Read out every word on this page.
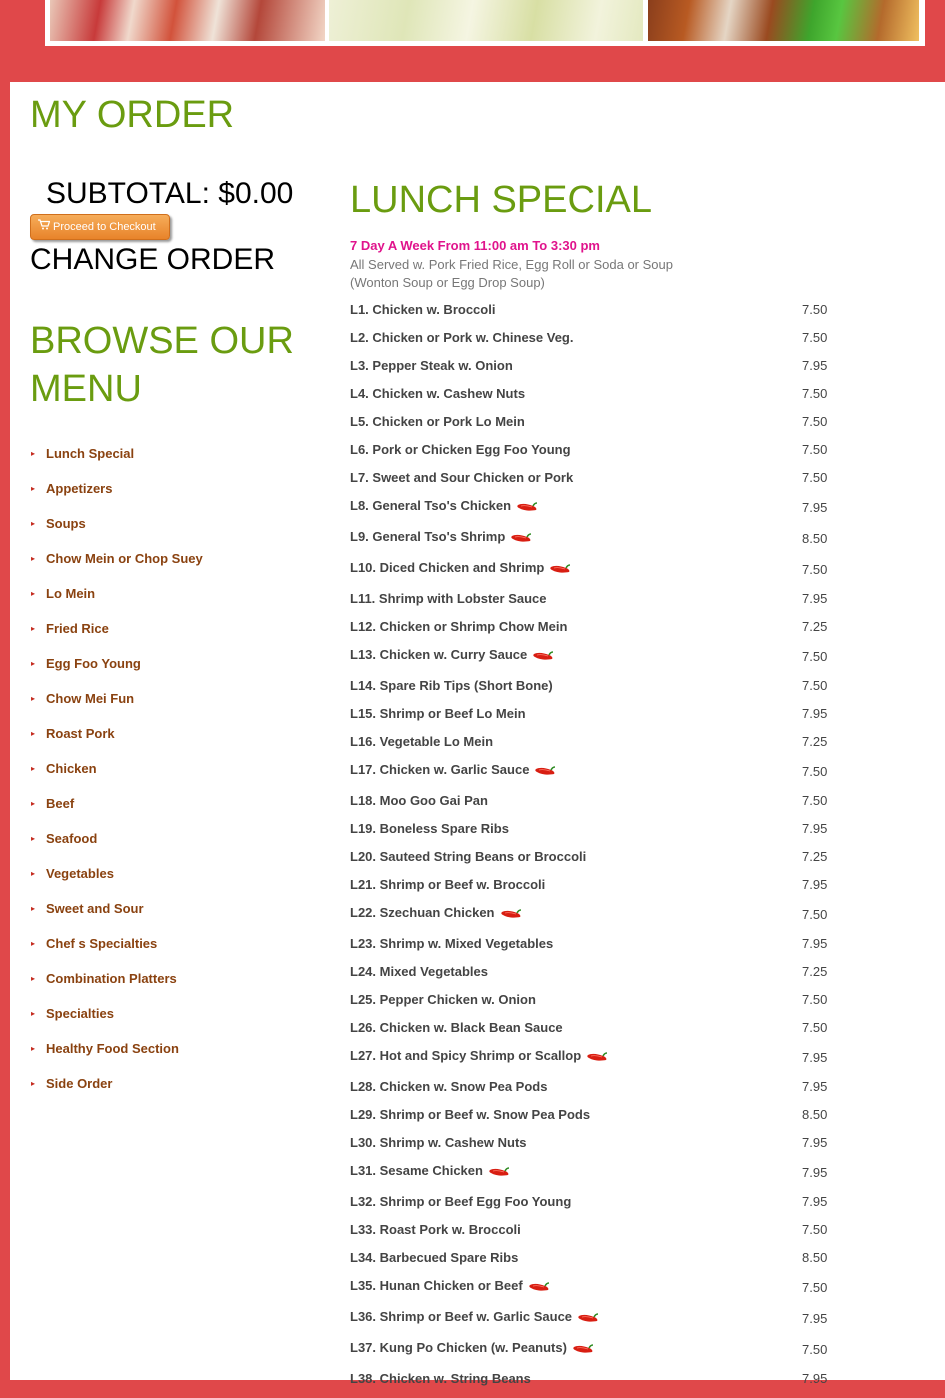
MY ORDER
SUBTOTAL: $0.00
Proceed to Checkout
CHANGE ORDER
BROWSE OUR MENU
▸ Lunch Special
▸ Appetizers
▸ Soups
▸ Chow Mein or Chop Suey
▸ Lo Mein
▸ Fried Rice
▸ Egg Foo Young
▸ Chow Mei Fun
▸ Roast Pork
▸ Chicken
▸ Beef
▸ Seafood
▸ Vegetables
▸ Sweet and Sour
▸ Chef s Specialties
▸ Combination Platters
▸ Specialties
▸ Healthy Food Section
▸ Side Order
LUNCH SPECIAL
7 Day A Week From 11:00 am To 3:30 pm
All Served w. Pork Fried Rice, Egg Roll or Soda or Soup
(Wonton Soup or Egg Drop Soup)
L1. Chicken w. Broccoli	7.50
L2. Chicken or Pork w. Chinese Veg.	7.50
L3. Pepper Steak w. Onion	7.95
L4. Chicken w. Cashew Nuts	7.50
L5. Chicken or Pork Lo Mein	7.50
L6. Pork or Chicken Egg Foo Young	7.50
L7. Sweet and Sour Chicken or Pork	7.50
L8. General Tso's Chicken	7.95
L9. General Tso's Shrimp	8.50
L10. Diced Chicken and Shrimp	7.50
L11. Shrimp with Lobster Sauce	7.95
L12. Chicken or Shrimp Chow Mein	7.25
L13. Chicken w. Curry Sauce	7.50
L14. Spare Rib Tips (Short Bone)	7.50
L15. Shrimp or Beef Lo Mein	7.95
L16. Vegetable Lo Mein	7.25
L17. Chicken w. Garlic Sauce	7.50
L18. Moo Goo Gai Pan	7.50
L19. Boneless Spare Ribs	7.95
L20. Sauteed String Beans or Broccoli	7.25
L21. Shrimp or Beef w. Broccoli	7.95
L22. Szechuan Chicken	7.50
L23. Shrimp w. Mixed Vegetables	7.95
L24. Mixed Vegetables	7.25
L25. Pepper Chicken w. Onion	7.50
L26. Chicken w. Black Bean Sauce	7.50
L27. Hot and Spicy Shrimp or Scallop	7.95
L28. Chicken w. Snow Pea Pods	7.95
L29. Shrimp or Beef w. Snow Pea Pods	8.50
L30. Shrimp w. Cashew Nuts	7.95
L31. Sesame Chicken	7.95
L32. Shrimp or Beef Egg Foo Young	7.95
L33. Roast Pork w. Broccoli	7.50
L34. Barbecued Spare Ribs	8.50
L35. Hunan Chicken or Beef	7.50
L36. Shrimp or Beef w. Garlic Sauce	7.95
L37. Kung Po Chicken (w. Peanuts)	7.50
L38. Chicken w. String Beans	7.95
